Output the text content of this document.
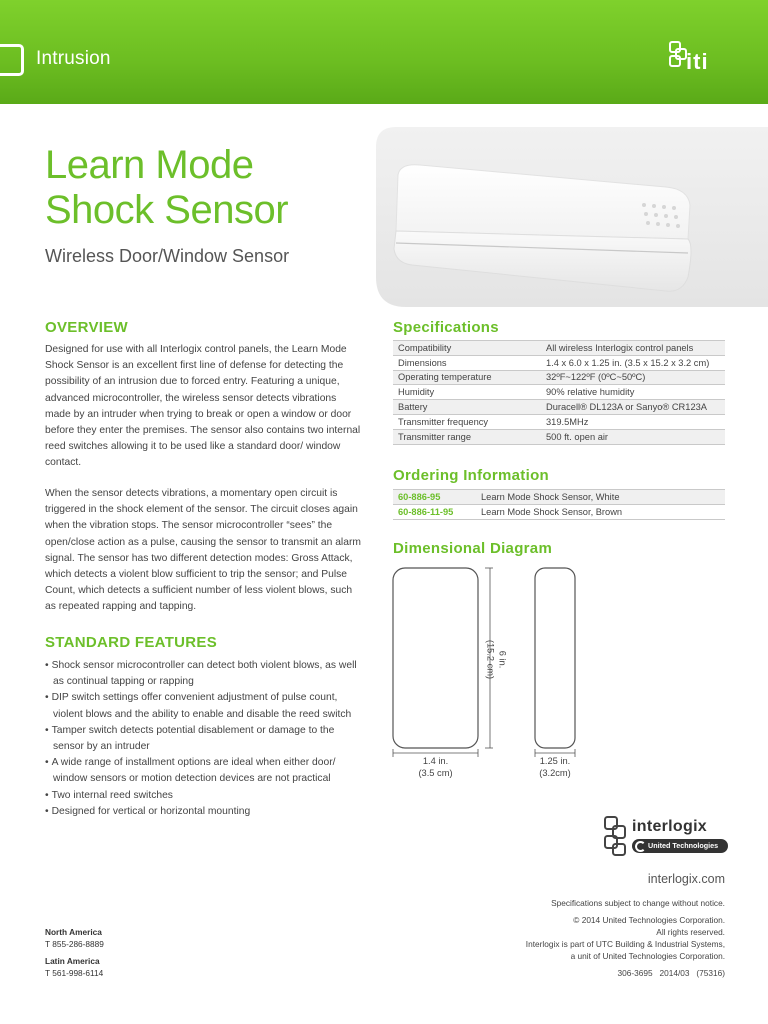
Intrusion	iti
Learn Mode
Shock Sensor
Wireless Door/Window Sensor
OVERVIEW

Designed for use with all Interlogix control panels, the Learn Mode Shock Sensor is an excellent first line of defense for detecting the possibility of an intrusion due to forced entry. Featuring a unique, advanced microcontroller, the wireless sensor detects vibrations made by an intruder when trying to break or open a window or door before they enter the premises. The sensor also contains two internal reed switches allowing it to be used like a standard door/ window contact.

When the sensor detects vibrations, a momentary open circuit is triggered in the shock element of the sensor. The circuit closes again when the vibration stops. The sensor microcontroller “sees” the open/close action as a pulse, causing the sensor to transmit an alarm signal. The sensor has two different detection modes: Gross Attack, which detects a violent blow sufficient to trip the sensor; and Pulse Count, which detects a sufficient number of less violent blows, such as repeated rapping and tapping.

STANDARD FEATURES
• Shock sensor microcontroller can detect both violent blows, as well as continual tapping or rapping
• DIP switch settings offer convenient adjustment of pulse count, violent blows and the ability to enable and disable the reed switch
• Tamper switch detects potential disablement or damage to the sensor by an intruder
• A wide range of installment options are ideal when either door/ window sensors or motion detection devices are not practical
• Two internal reed switches
• Designed for vertical or horizontal mounting
Specifications
Compatibility	All wireless Interlogix control panels
Dimensions	1.4 x 6.0 x 1.25 in. (3.5 x 15.2 x 3.2 cm)
Operating temperature	32ºF~122ºF (0ºC~50ºC)
Humidity	90% relative humidity
Battery	Duracell® DL123A or Sanyo® CR123A
Transmitter frequency	319.5MHz
Transmitter range	500 ft. open air
Ordering Information
60-886-95	Learn Mode Shock Sensor, White
60-886-11-95	Learn Mode Shock Sensor, Brown
Dimensional Diagram
6 in.
(15.2 cm)
1.4 in.
(3.5 cm)
1.25 in.
(3.2cm)
interlogix
United Technologies
interlogix.com
Specifications subject to change without notice.
© 2014 United Technologies Corporation.
All rights reserved.
Interlogix is part of UTC Building & Industrial Systems,
a unit of United Technologies Corporation.
306-3695   2014/03   (75316)
North America
T 855-286-8889
Latin America
T 561-998-6114
